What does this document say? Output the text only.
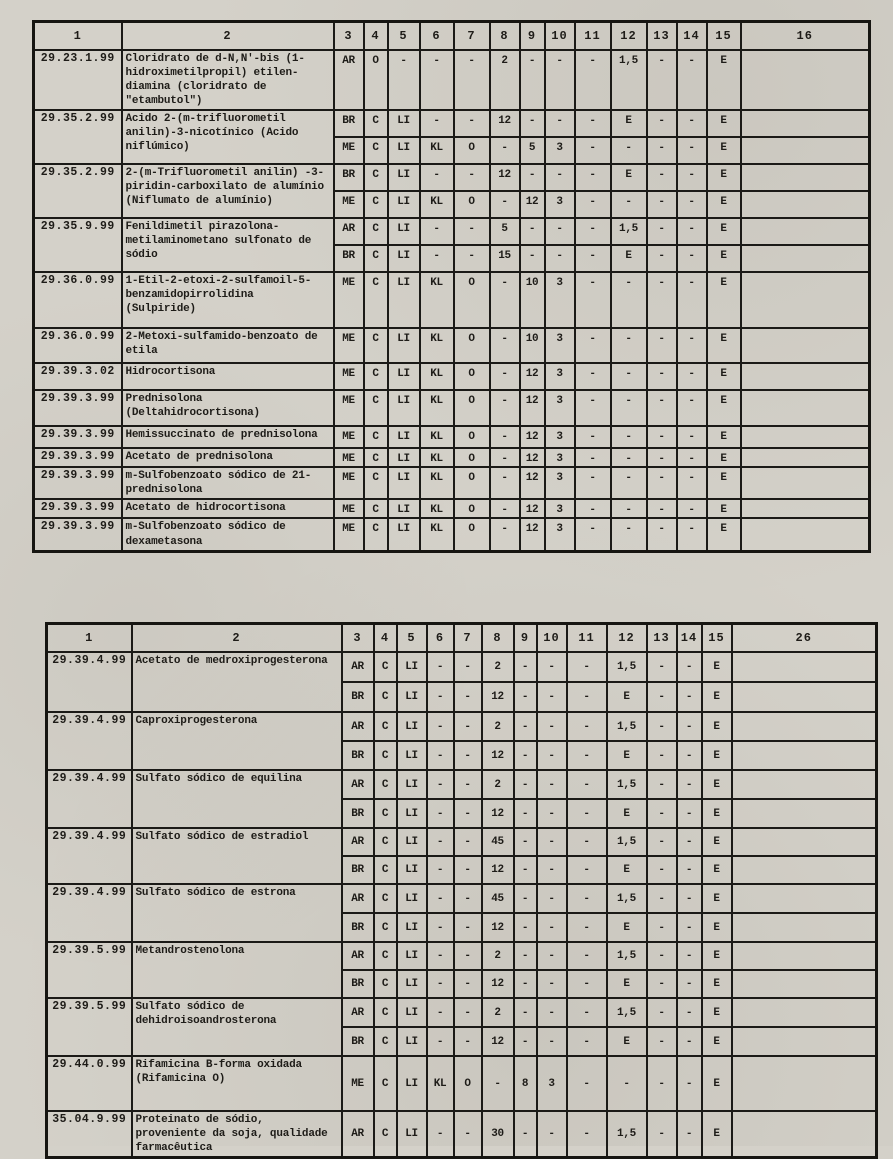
1	2	3	4	5	6	7	8	9	10	11	12	13	14	15	16
29.23.1.99	Cloridrato de d-N,N'-bis (1-hidroximetilpropil) etilen-diamina (cloridrato de "etambutol")	AR	O	-	-	-	2	-	-	-	1,5	-	-	E	
29.35.2.99	Acido 2-(m-trifluorometil anilin)-3-nicotínico (Acido niflúmico)	BR	C	LI	-	-	12	-	-	-	E	-	-	E	
		ME	C	LI	KL	O	-	5	3	-	-	-	-	E	
29.35.2.99	2-(m-Trifluorometil anilin) -3-piridin-carboxilato de alumínio (Niflumato de alumínio)	BR	C	LI	-	-	12	-	-	-	E	-	-	E	
		ME	C	LI	KL	O	-	12	3	-	-	-	-	E	
29.35.9.99	Fenildimetil pirazolona-metilaminometano sulfonato de sódio	AR	C	LI	-	-	5	-	-	-	1,5	-	-	E	
		BR	C	LI	-	-	15	-	-	-	E	-	-	E	
29.36.0.99	1-Etil-2-etoxi-2-sulfamoil-5-benzamidopirrolidina (Sulpiride)	ME	C	LI	KL	O	-	10	3	-	-	-	-	E	
29.36.0.99	2-Metoxi-sulfamido-benzoato de etila	ME	C	LI	KL	O	-	10	3	-	-	-	-	E	
29.39.3.02	Hidrocortisona	ME	C	LI	KL	O	-	12	3	-	-	-	-	E	
29.39.3.99	Prednisolona (Deltahidrocortisona)	ME	C	LI	KL	O	-	12	3	-	-	-	-	E	
29.39.3.99	Hemissuccinato de prednisolona	ME	C	LI	KL	O	-	12	3	-	-	-	-	E	
29.39.3.99	Acetato de prednisolona	ME	C	LI	KL	O	-	12	3	-	-	-	-	E	
29.39.3.99	m-Sulfobenzoato sódico de 21-prednisolona	ME	C	LI	KL	O	-	12	3	-	-	-	-	E	
29.39.3.99	Acetato de hidrocortisona	ME	C	LI	KL	O	-	12	3	-	-	-	-	E	
29.39.3.99	m-Sulfobenzoato sódico de dexametasona	ME	C	LI	KL	O	-	12	3	-	-	-	-	E	
1	2	3	4	5	6	7	8	9	10	11	12	13	14	15	26
29.39.4.99	Acetato de medroxiprogesterona	AR	C	LI	-	-	2	-	-	-	1,5	-	-	E	
		BR	C	LI	-	-	12	-	-	-	E	-	-	E	
29.39.4.99	Caproxiprogesterona	AR	C	LI	-	-	2	-	-	-	1,5	-	-	E	
		BR	C	LI	-	-	12	-	-	-	E	-	-	E	
29.39.4.99	Sulfato sódico de equilina	AR	C	LI	-	-	2	-	-	-	1,5	-	-	E	
		BR	C	LI	-	-	12	-	-	-	E	-	-	E	
29.39.4.99	Sulfato sódico de estradiol	AR	C	LI	-	-	45	-	-	-	1,5	-	-	E	
		BR	C	LI	-	-	12	-	-	-	E	-	-	E	
29.39.4.99	Sulfato sódico de estrona	AR	C	LI	-	-	45	-	-	-	1,5	-	-	E	
		BR	C	LI	-	-	12	-	-	-	E	-	-	E	
29.39.5.99	Metandrostenolona	AR	C	LI	-	-	2	-	-	-	1,5	-	-	E	
		BR	C	LI	-	-	12	-	-	-	E	-	-	E	
29.39.5.99	Sulfato sódico de dehidroisoandrosterona	AR	C	LI	-	-	2	-	-	-	1,5	-	-	E	
		BR	C	LI	-	-	12	-	-	-	E	-	-	E	
29.44.0.99	Rifamicina B-forma oxidada (Rifamicina O)	ME	C	LI	KL	O	-	8	3	-	-	-	-	E	
35.04.9.99	Proteinato de sódio, proveniente da soja, qualidade farmacêutica	AR	C	LI	-	-	30	-	-	-	1,5	-	-	E	
